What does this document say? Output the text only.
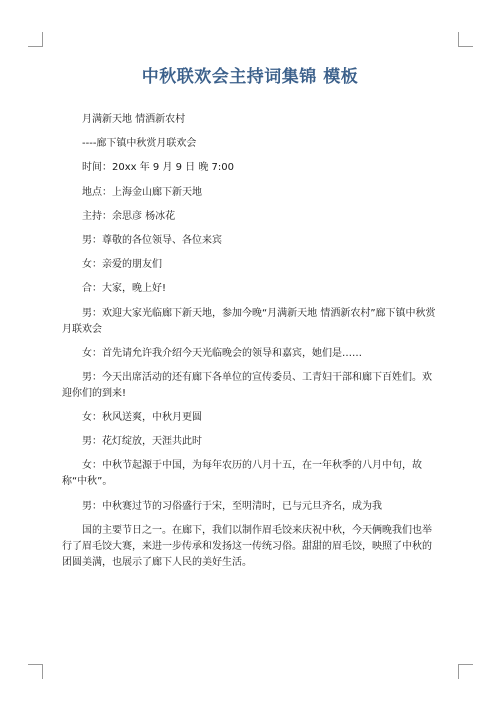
中秋联欢会主持词集锦 模板

月满新天地 情洒新农村

----廊下镇中秋赏月联欢会

时间：20xx 年 9 月 9 日 晚 7:00

地点：上海金山廊下新天地

主持：余思彦 杨冰花

男：尊敬的各位领导、各位来宾

女：亲爱的朋友们

合：大家，晚上好!

男：欢迎大家光临廊下新天地，参加今晚“月满新天地 情洒新农村”廊下镇中秋赏月联欢会

女：首先请允许我介绍今天光临晚会的领导和嘉宾，她们是……

男：今天出席活动的还有廊下各单位的宣传委员、工青妇干部和廊下百姓们。欢迎你们的到来!

女：秋风送爽，中秋月更圆

男：花灯绽放，天涯共此时

女：中秋节起源于中国，为每年农历的八月十五，在一年秋季的八月中旬，故称“中秋”。

男：中秋赛过节的习俗盛行于宋，至明清时，已与元旦齐名，成为我

国的主要节日之一。在廊下，我们以制作眉毛饺来庆祝中秋，今天俩晚我们也举行了眉毛饺大赛，来进一步传承和发扬这一传统习俗。甜甜的眉毛饺，映照了中秋的团圆美满，也展示了廊下人民的美好生活。
